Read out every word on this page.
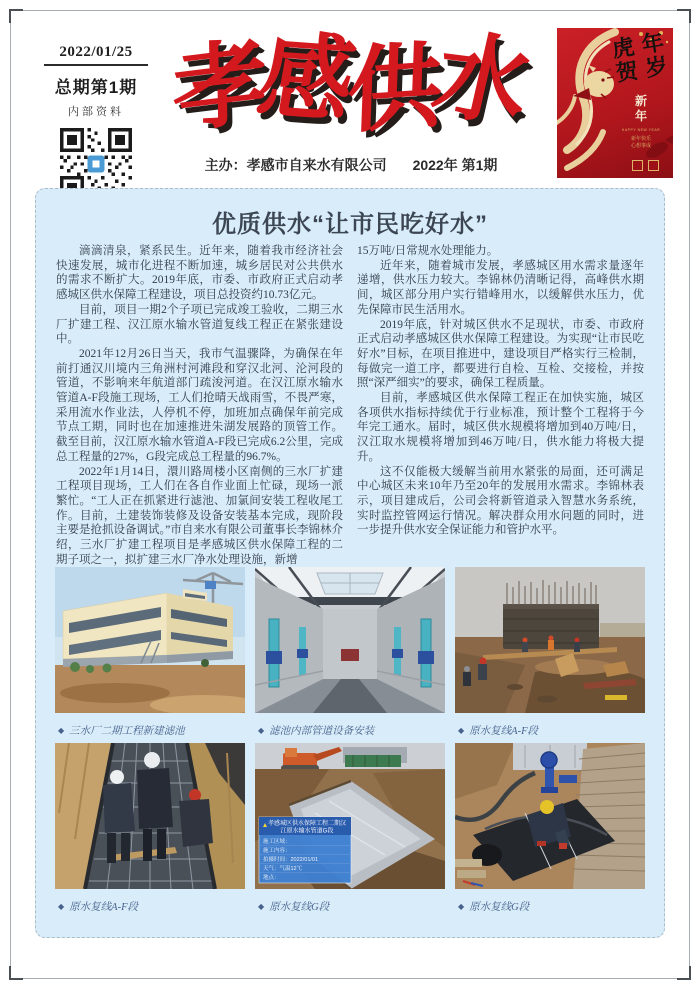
2022/01/25
总期第1期
内部资料 孝
感
供
水
主办：孝感市自来水有限公司 2022年 第1期
虎 年
贺 岁
新
年
HAPPY NEW YEAR
新年快乐
心想事成
优质供水“让市民吃好水”

滴滴清泉，紧系民生。近年来，随着我市经济社会快速发展，城市化进程不断加速，城乡居民对公共供水的需求不断扩大。2019年底，市委、市政府正式启动孝感城区供水保障工程建设，项目总投资约10.73亿元。

目前，项目一期2个子项已完成竣工验收，二期三水厂扩建工程、汉江原水输水管道复线工程正在紧张建设中。

2021年12月26日当天，我市气温骤降，为确保在年前打通汉川境内三角洲村河滩段和穿汉北河、沦河段的管道，不影响来年航道部门疏浚河道。在汉江原水输水管道A-F段施工现场，工人们抢晴天战雨雪，不畏严寒，采用流水作业法，人停机不停，加班加点确保年前完成节点工期，同时也在加速推进朱湖发展路的顶管工作。截至目前，汉江原水输水管道A-F段已完成6.2公里，完成总工程量的27%，G段完成总工程量的96.7%。

2022年1月14日，澴川路周楼小区南侧的三水厂扩建工程项目现场，工人们在各自作业面上忙碌，现场一派繁忙。“工人正在抓紧进行滤池、加氯间安装工程收尾工作。目前，土建装饰装修及设备安装基本完成，现阶段主要是抢抓设备调试。”市自来水有限公司董事长李锦林介绍，三水厂扩建工程项目是孝感城区供水保障工程的二期子项之一，拟扩建三水厂净水处理设施，新增

15万吨/日常规水处理能力。

近年来，随着城市发展，孝感城区用水需求量逐年递增，供水压力较大。李锦林仍清晰记得，高峰供水期间，城区部分用户实行错峰用水，以缓解供水压力，优先保障市民生活用水。

2019年底，针对城区供水不足现状，市委、市政府正式启动孝感城区供水保障工程建设。为实现“让市民吃好水”目标，在项目推进中，建设项目严格实行三检制，每做完一道工序，都要进行自检、互检、交接检，并按照“深严细实”的要求，确保工程质量。

目前，孝感城区供水保障工程正在加快实施，城区各项供水指标持续优于行业标准，预计整个工程将于今年完工通水。届时，城区供水规模将增加到40万吨/日，汉江取水规模将增加到46万吨/日，供水能力将极大提升。

这不仅能极大缓解当前用水紧张的局面，还可满足中心城区未来10年乃至20年的发展用水需求。李锦林表示，项目建成后，公司会将新管道录入智慧水务系统，实时监控管网运行情况。解决群众用水问题的同时，进一步提升供水安全保证能力和管护水平。

◆ 三水厂二期工程新建滤池	◆ 滤池内部管道设备安装	◆ 原水复线A-F段
◆ 原水复线A-F段
孝感城区供水保障工程二期汉
江原水输水管道G段
施工区域：
施工内容：
拍摄时间：2022/01/01
天气：气温12℃
地点：
◆ 原水复线G段	◆ 原水复线G段
